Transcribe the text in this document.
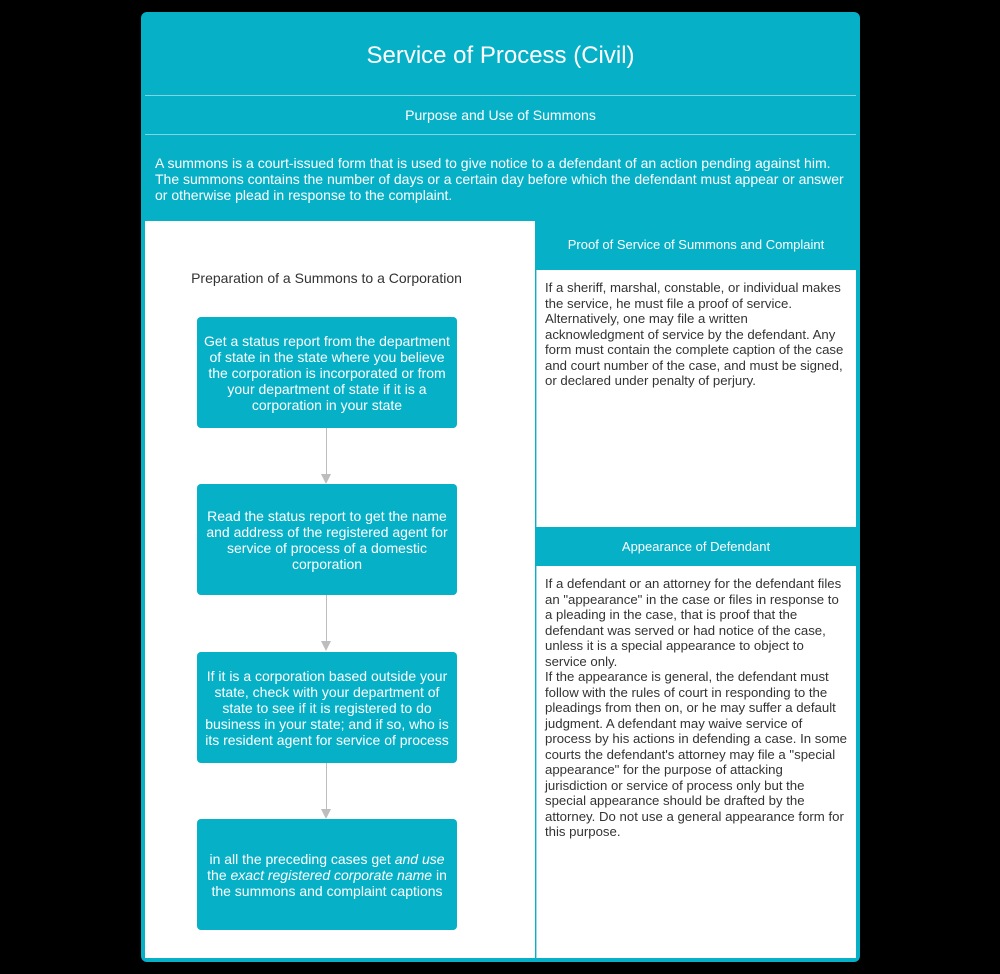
Service of Process (Civil)
Purpose and Use of Summons
A summons is a court-issued form that is used to give notice to a defendant of an action pending against him. The summons contains the number of days or a certain day before which the defendant must appear or answer or otherwise plead in response to the complaint.
Preparation of a Summons to a Corporation
Get a status report from the department of state in the state where you believe the corporation is incorporated or from your department of state if it is a corporation in your state
Read the status report to get the name and address of the registered agent for service of process of a domestic corporation
If it is a corporation based outside your state, check with your department of state to see if it is registered to do business in your state; and if so, who is its resident agent for service of process
in all the preceding cases get and use the exact registered corporate name in the summons and complaint captions
Proof of Service of Summons and Complaint
If a sheriff, marshal, constable, or individual makes the service, he must file a proof of service. Alternatively, one may file a written acknowledgment of service by the defendant. Any form must contain the complete caption of the case and court number of the case, and must be signed, or declared under penalty of perjury.
Appearance of Defendant
If a defendant or an attorney for the defendant files an "appearance" in the case or files in response to a pleading in the case, that is proof that the defendant was served or had notice of the case, unless it is a special appearance to object to service only.
If the appearance is general, the defendant must follow with the rules of court in responding to the pleadings from then on, or he may suffer a default judgment. A defendant may waive service of process by his actions in defending a case. In some courts the defendant's attorney may file a "special appearance" for the purpose of attacking jurisdiction or service of process only but the special appearance should be drafted by the attorney. Do not use a general appearance form for this purpose.
